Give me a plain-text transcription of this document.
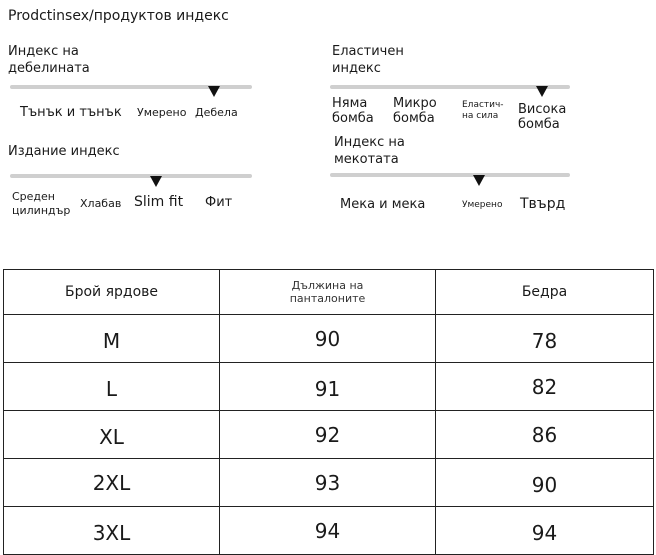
Prodctinsex/продуктов индекс
Индекс на
дебелината
Тънък и тънък Умерено Дебела
Еластичен
индекс
Няма
бомба
Микро
бомба
Еластич-
на сила	Висока
бомба
Издание индекс
Среден
цилиндър
Хлабав Slim fit Фит
Индекс на
мекотата
Мека и мека	Умерено Твърд
Брой ярдове	Дължина на
панталоните	Бедра
M	90	78
L	91	82
XL	92	86
2XL	93	90
3XL	94	94
